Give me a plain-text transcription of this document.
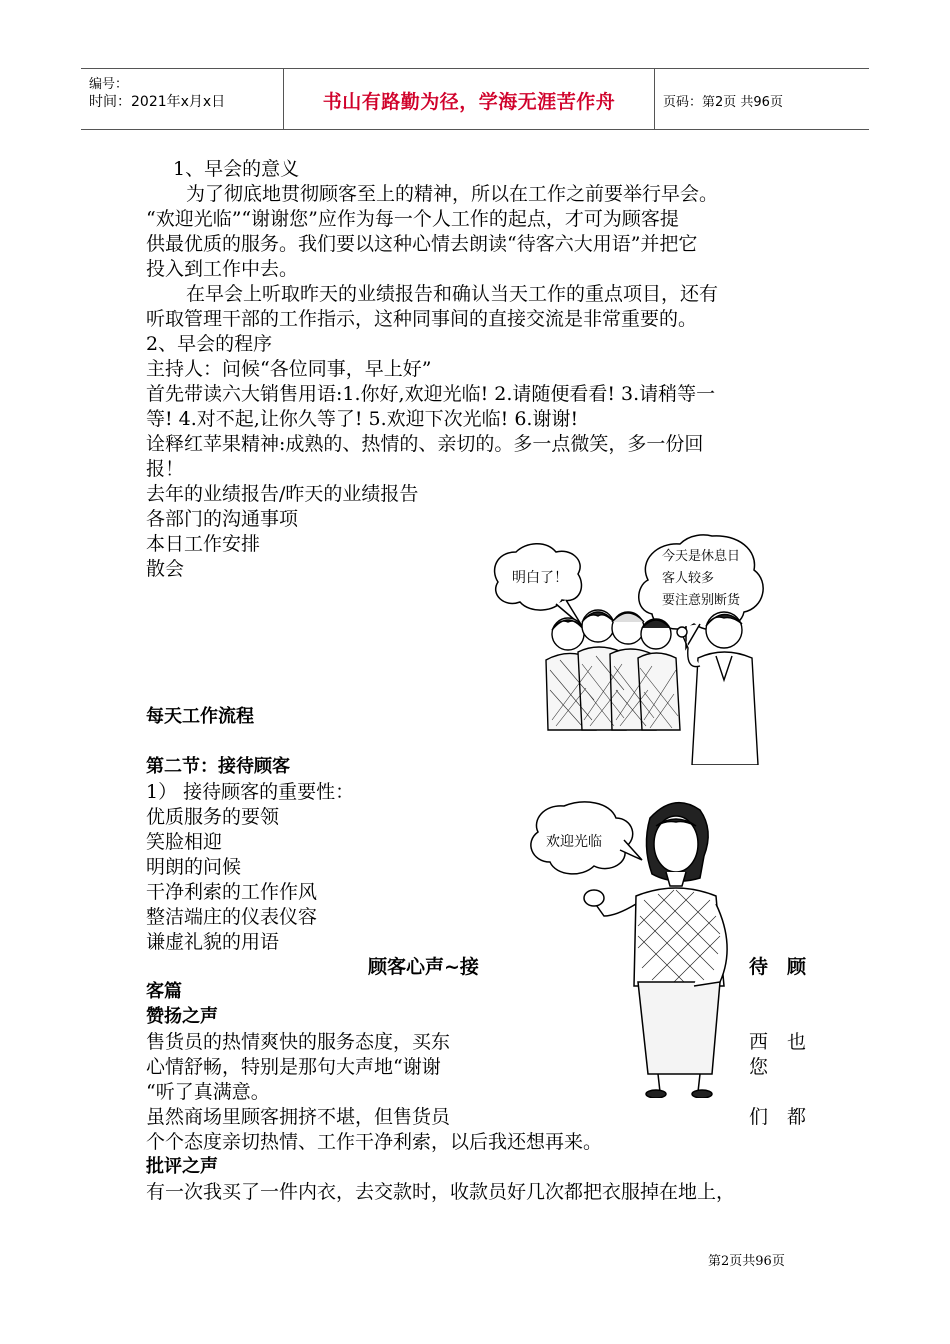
编号：
时间：2021年x月x日	书山有路勤为径，学海无涯苦作舟	页码：第2页 共96页
1、早会的意义
为了彻底地贯彻顾客至上的精神，所以在工作之前要举行早会。
“欢迎光临”“谢谢您”应作为每一个人工作的起点，才可为顾客提
供最优质的服务。我们要以这种心情去朗读“待客六大用语”并把它
投入到工作中去。
在早会上听取昨天的业绩报告和确认当天工作的重点项目，还有
听取管理干部的工作指示，这种同事间的直接交流是非常重要的。
2、早会的程序
主持人：问候“各位同事，早上好”
首先带读六大销售用语:1.你好,欢迎光临! 2.请随便看看! 3.请稍等一
等! 4.对不起,让你久等了! 5.欢迎下次光临! 6.谢谢!
诠释红苹果精神:成熟的、热情的、亲切的。多一点微笑，多一份回
报！
去年的业绩报告/昨天的业绩报告
各部门的沟通事项
本日工作安排
散会	明白了！
今天是休息日
客人较多
要注意别断货
每天工作流程
第二节：接待顾客
1） 接待顾客的重要性：
优质服务的要领
笑脸相迎
明朗的问候
干净利索的工作作风
整洁端庄的仪表仪容
谦虚礼貌的用语
欢迎光临
顾客心声~接	待　顾
客篇
赞扬之声
售货员的热情爽快的服务态度，买东	西　也
心情舒畅，特别是那句大声地“谢谢	您
“听了真满意。
虽然商场里顾客拥挤不堪，但售货员	们　都
个个态度亲切热情、工作干净利索，以后我还想再来。
批评之声
有一次我买了一件内衣，去交款时，收款员好几次都把衣服掉在地上，
第2页共96页
